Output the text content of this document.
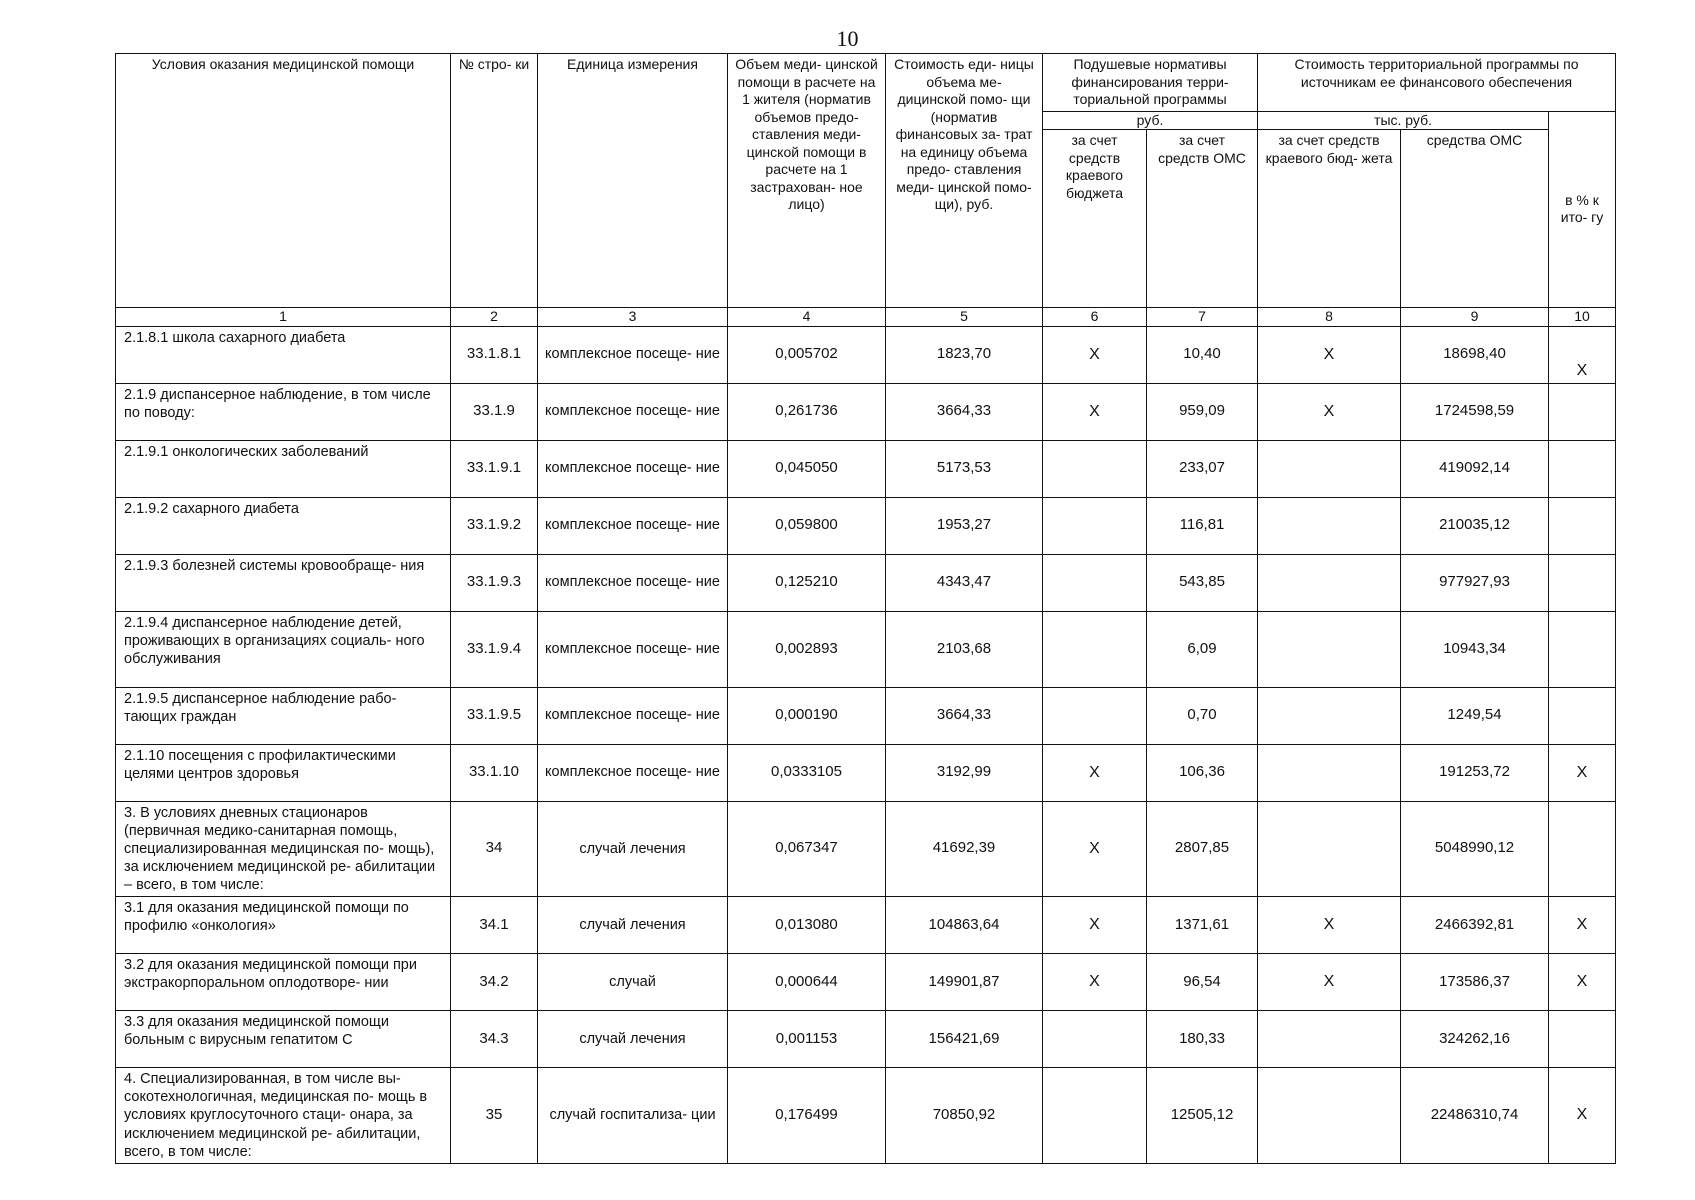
10
Условия оказания медицинской помощи	№ стро- ки	Единица измерения	Объем меди- цинской помощи в расчете на 1 жителя (норматив объемов предо- ставления меди- цинской помощи в расчете на 1 застрахован- ное лицо)	Стоимость еди- ницы объема ме- дицинской помо- щи (норматив финансовых за- трат на единицу объема предо- ставления меди- цинской помо- щи), руб.	Подушевые нормативы финансирования терри- ториальной программы		Стоимость территориальной программы по источникам ее финансового обеспечения		
					руб.		тыс. руб.		в % к ито- гу
					за счет средств краевого бюджета	за счет средств ОМС	за счет средств краевого бюд- жета	средства ОМС	
1	2	3	4	5	6	7	8	9	10
2.1.8.1 школа сахарного диабета	33.1.8.1	комплексное посеще- ние	0,005702	1823,70	Х	10,40	Х	18698,40	Х
2.1.9 диспансерное наблюдение, в том числе по поводу:	33.1.9	комплексное посеще- ние	0,261736	3664,33	Х	959,09	Х	1724598,59	
2.1.9.1 онкологических заболеваний	33.1.9.1	комплексное посеще- ние	0,045050	5173,53		233,07		419092,14	
2.1.9.2 сахарного диабета	33.1.9.2	комплексное посеще- ние	0,059800	1953,27		116,81		210035,12	
2.1.9.3 болезней системы кровообраще- ния	33.1.9.3	комплексное посеще- ние	0,125210	4343,47		543,85		977927,93	
2.1.9.4 диспансерное наблюдение детей, проживающих в организациях социаль- ного обслуживания	33.1.9.4	комплексное посеще- ние	0,002893	2103,68		6,09		10943,34	
2.1.9.5 диспансерное наблюдение рабо- тающих граждан	33.1.9.5	комплексное посеще- ние	0,000190	3664,33		0,70		1249,54	
2.1.10 посещения с профилактическими целями центров здоровья	33.1.10	комплексное посеще- ние	0,0333105	3192,99	Х	106,36		191253,72	Х
3. В условиях дневных стационаров (первичная медико-санитарная помощь, специализированная медицинская по- мощь), за исключением медицинской ре- абилитации – всего, в том числе:	34	случай лечения	0,067347	41692,39	Х	2807,85		5048990,12	
3.1 для оказания медицинской помощи по профилю «онкология»	34.1	случай лечения	0,013080	104863,64	Х	1371,61	Х	2466392,81	Х
3.2 для оказания медицинской помощи при экстракорпоральном оплодотворе- нии	34.2	случай	0,000644	149901,87	Х	96,54	Х	173586,37	Х
3.3 для оказания медицинской помощи больным с вирусным гепатитом С	34.3	случай лечения	0,001153	156421,69		180,33		324262,16	
4. Специализированная, в том числе вы- сокотехнологичная, медицинская по- мощь в условиях круглосуточного стаци- онара, за исключением медицинской ре- абилитации, всего, в том числе:	35	случай госпитализа- ции	0,176499	70850,92		12505,12		22486310,74	Х
